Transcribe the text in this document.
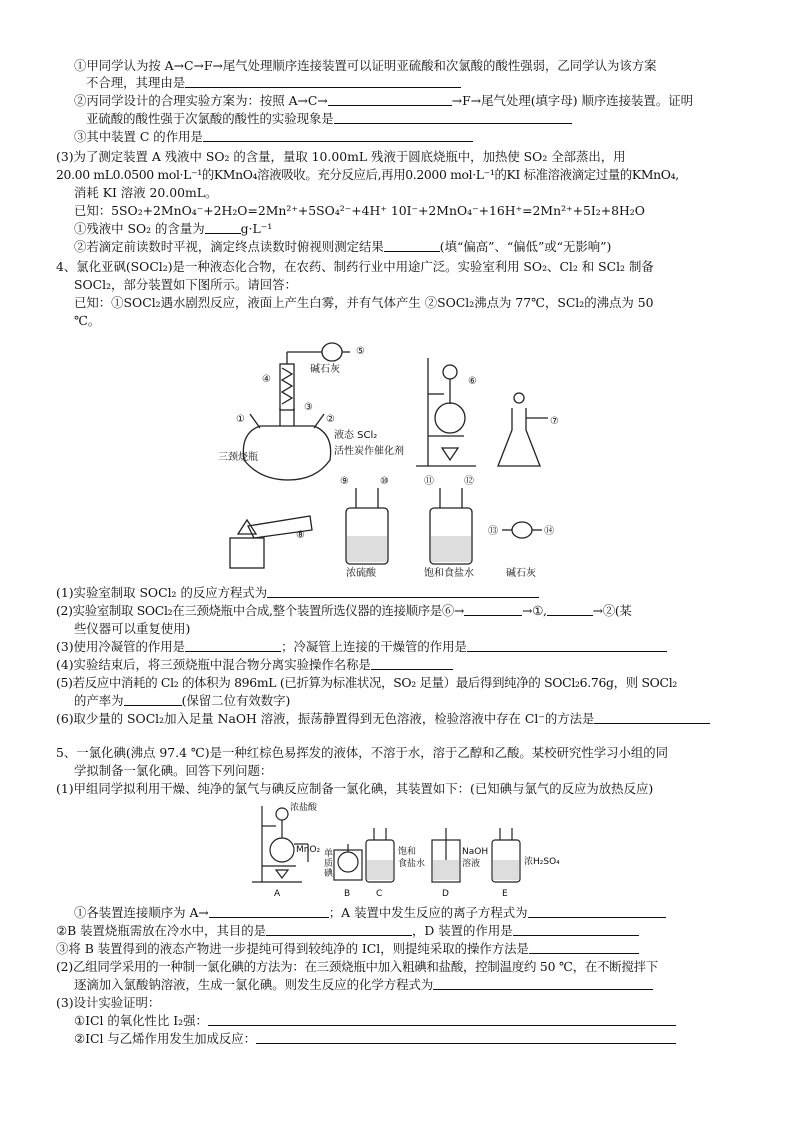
①甲同学认为按 A→C→F→尾气处理顺序连接装置可以证明亚硫酸和次氯酸的酸性强弱，乙同学认为该方案
不合理，其理由是
②丙同学设计的合理实验方案为：按照 A→C→	→F→尾气处理(填字母) 顺序连接装置。证明
亚硫酸的酸性强于次氯酸的酸性的实验现象是
③其中装置 C 的作用是
(3)为了测定装置 A 残液中 SO₂ 的含量，量取 10.00mL 残液于圆底烧瓶中，加热使 SO₂ 全部蒸出，用
20.00 mL0.0500 mol·L⁻¹的KMnO₄溶液吸收。充分反应后,再用0.2000 mol·L⁻¹的KI 标准溶液滴定过量的KMnO₄,
消耗 KI 溶液 20.00mL。
已知：5SO₂+2MnO₄⁻+2H₂O=2Mn²⁺+5SO₄²⁻+4H⁺ 10I⁻+2MnO₄⁻+16H⁺=2Mn²⁺+5I₂+8H₂O
①残液中 SO₂ 的含量为	g·L⁻¹
②若滴定前读数时平视，滴定终点读数时俯视则测定结果	(填“偏高”、“偏低”或“无影响”)
4、氯化亚砜(SOCl₂)是一种液态化合物，在农药、制药行业中用途广泛。实验室利用 SO₂、Cl₂ 和 SCl₂ 制备
SOCl₂，部分装置如下图所示。请回答：
已知：①SOCl₂遇水剧烈反应，液面上产生白雾，并有气体产生 ②SOCl₂沸点为 77℃，SCl₂的沸点为 50
℃。
⑤
碱石灰
④
③
①	②
液态 SCl₂
活性炭作催化剂
三颈烧瓶
⑥
⑦
⑧
⑨	⑩	⑪	⑫
浓硫酸	饱和食盐水
⑬	⑭
碱石灰
(1)实验室制取 SOCl₂ 的反应方程式为
(2)实验室制取 SOCl₂在三颈烧瓶中合成,整个装置所选仪器的连接顺序是⑥→	→①,	→②(某
些仪器可以重复使用)
(3)使用冷凝管的作用是	；冷凝管上连接的干燥管的作用是
(4)实验结束后，将三颈烧瓶中混合物分离实验操作名称是
(5)若反应中消耗的 Cl₂ 的体积为 896mL (已折算为标准状况，SO₂ 足量）最后得到纯净的 SOCl₂6.76g，则 SOCl₂
的产率为	(保留二位有效数字)
(6)取少量的 SOCl₂加入足量 NaOH 溶液，振荡静置得到无色溶液，检验溶液中存在 Cl⁻的方法是
5、一氯化碘(沸点 97.4 ℃)是一种红棕色易挥发的液体，不溶于水，溶于乙醇和乙酸。某校研究性学习小组的同
学拟制备一氯化碘。回答下列问题：
(1)甲组同学拟利用干燥、纯净的氯气与碘反应制备一氯化碘，其装置如下：(已知碘与氯气的反应为放热反应)
浓盐酸
MnO₂ 单
质
碘
饱和
食盐水
NaOH
溶液	浓H₂SO₄
A	B	C	D	E
①各装置连接顺序为 A→	；A 装置中发生反应的离子方程式为
②B 装置烧瓶需放在冷水中，其目的是	，D 装置的作用是
③将 B 装置得到的液态产物进一步提纯可得到较纯净的 ICl，则提纯采取的操作方法是
(2)乙组同学采用的一种制一氯化碘的方法为：在三颈烧瓶中加入粗碘和盐酸，控制温度约 50 ℃，在不断搅拌下
逐滴加入氯酸钠溶液，生成一氯化碘。则发生反应的化学方程式为
(3)设计实验证明：
①ICl 的氧化性比 I₂强：
②ICl 与乙烯作用发生加成反应：
